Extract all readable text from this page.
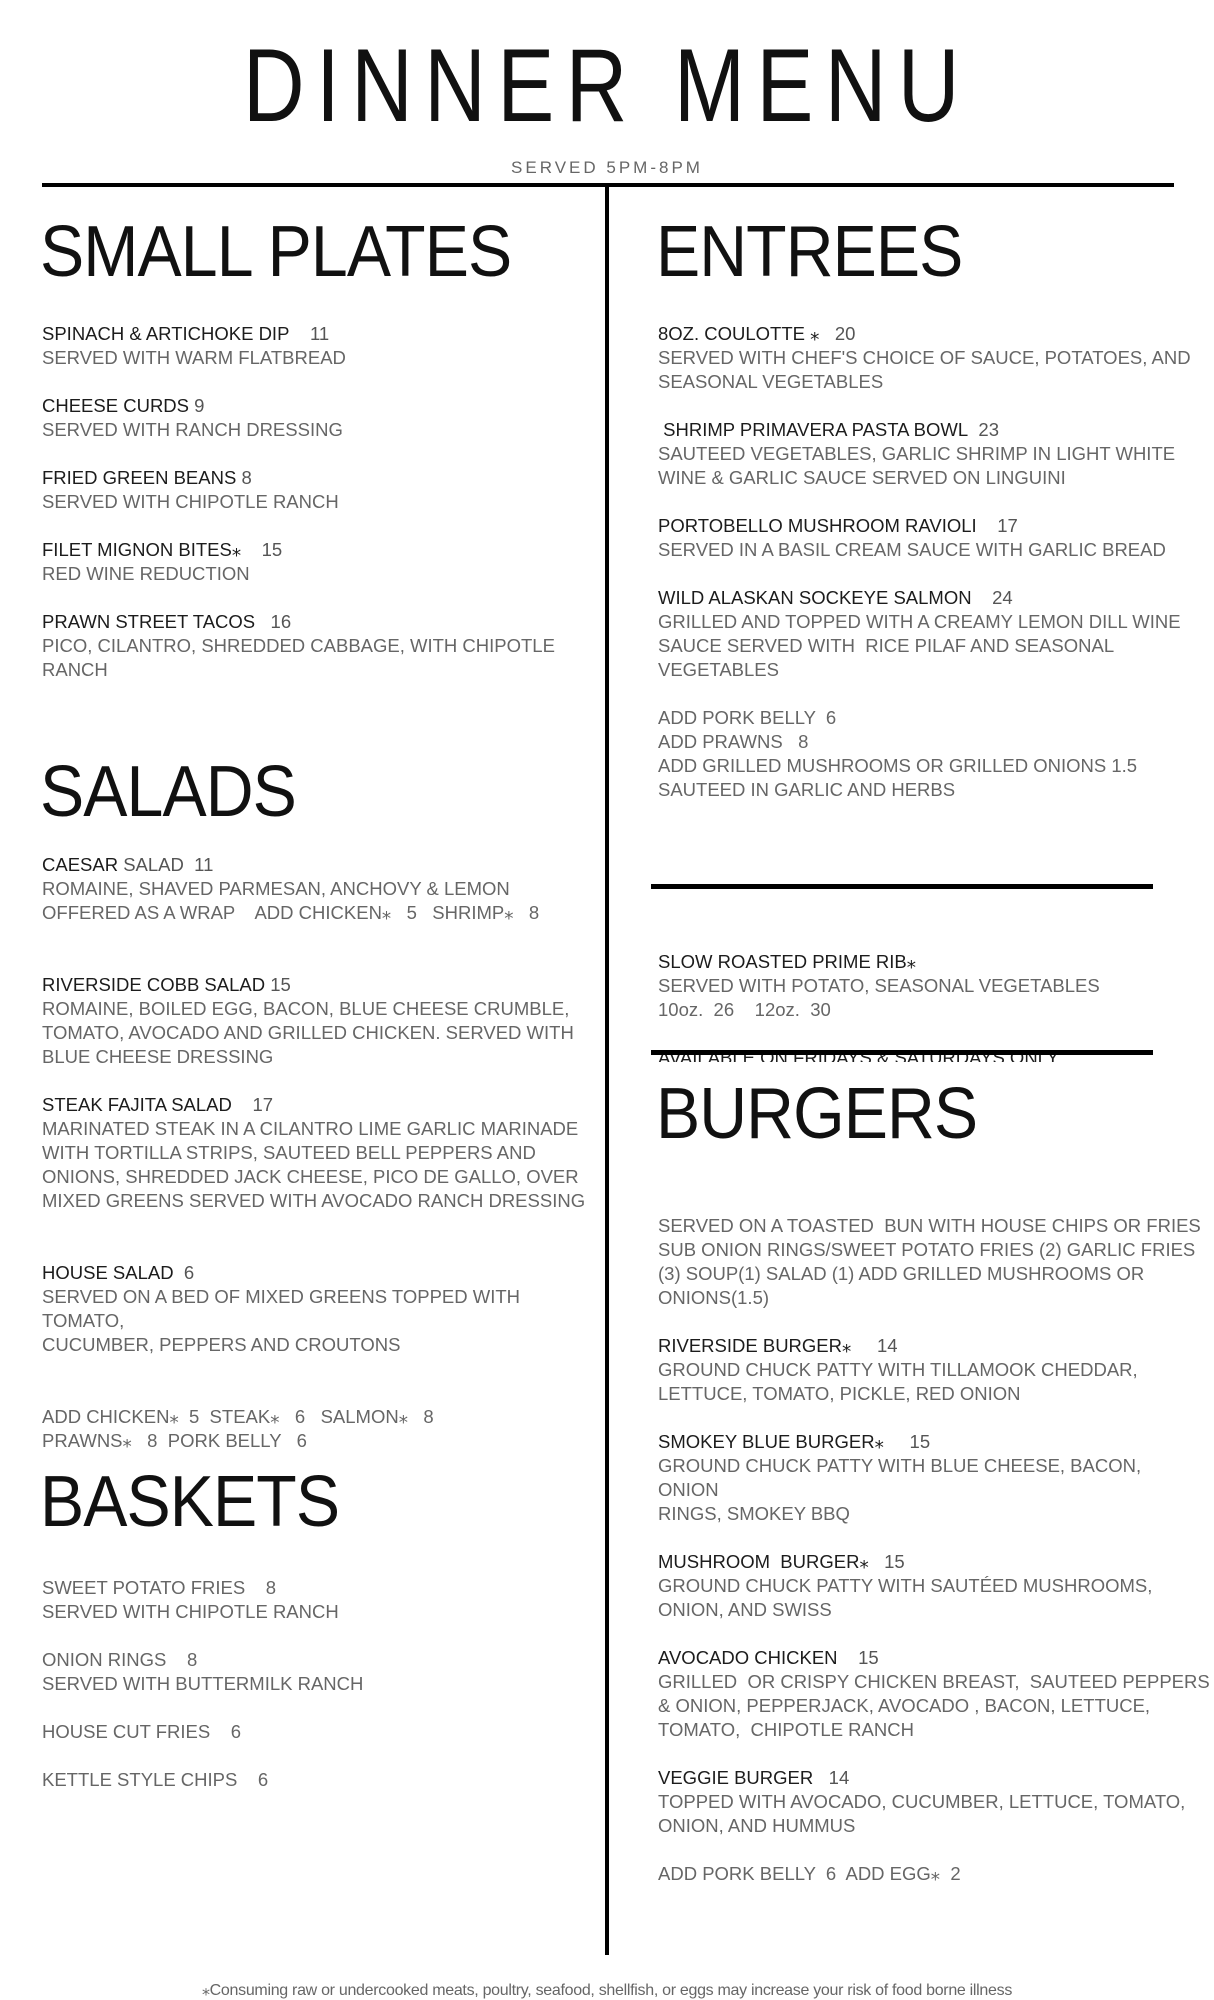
DINNER MENU
SERVED 5PM-8PM
SMALL PLATES
SPINACH & ARTICHOKE DIP 11
SERVED WITH WARM FLATBREAD
CHEESE CURDS 9
SERVED WITH RANCH DRESSING
FRIED GREEN BEANS 8
SERVED WITH CHIPOTLE RANCH
FILET MIGNON BITES⁎ 15
RED WINE REDUCTION
PRAWN STREET TACOS 16
PICO, CILANTRO, SHREDDED CABBAGE, WITH CHIPOTLE
RANCH
SALADS
CAESAR SALAD 11
ROMAINE, SHAVED PARMESAN, ANCHOVY & LEMON
OFFERED AS A WRAP    ADD CHICKEN⁎   5   SHRIMP⁎   8
RIVERSIDE COBB SALAD 15
ROMAINE, BOILED EGG, BACON, BLUE CHEESE CRUMBLE,
TOMATO, AVOCADO AND GRILLED CHICKEN. SERVED WITH
BLUE CHEESE DRESSING
STEAK FAJITA SALAD 17
MARINATED STEAK IN A CILANTRO LIME GARLIC MARINADE
WITH TORTILLA STRIPS, SAUTEED BELL PEPPERS AND
ONIONS, SHREDDED JACK CHEESE, PICO DE GALLO, OVER
MIXED GREENS SERVED WITH AVOCADO RANCH DRESSING
HOUSE SALAD 6
SERVED ON A BED OF MIXED GREENS TOPPED WITH TOMATO,
CUCUMBER, PEPPERS AND CROUTONS
ADD CHICKEN⁎  5  STEAK⁎   6   SALMON⁎   8
PRAWNS⁎   8  PORK BELLY   6
BASKETS
SWEET POTATO FRIES 8
SERVED WITH CHIPOTLE RANCH
ONION RINGS 8
SERVED WITH BUTTERMILK RANCH
HOUSE CUT FRIES 6
KETTLE STYLE CHIPS 6
ENTREES
8OZ. COULOTTE ⁎ 20
SERVED WITH CHEF'S CHOICE OF SAUCE, POTATOES, AND
SEASONAL VEGETABLES
SHRIMP PRIMAVERA PASTA BOWL 23
SAUTEED VEGETABLES, GARLIC SHRIMP IN LIGHT WHITE
WINE & GARLIC SAUCE SERVED ON LINGUINI
PORTOBELLO MUSHROOM RAVIOLI 17
SERVED IN A BASIL CREAM SAUCE WITH GARLIC BREAD
WILD ALASKAN SOCKEYE SALMON 24
GRILLED AND TOPPED WITH A CREAMY LEMON DILL WINE
SAUCE SERVED WITH  RICE PILAF AND SEASONAL
VEGETABLES
ADD PORK BELLY  6
ADD PRAWNS   8
ADD GRILLED MUSHROOMS OR GRILLED ONIONS 1.5
SAUTEED IN GARLIC AND HERBS
SLOW ROASTED PRIME RIB⁎
SERVED WITH POTATO, SEASONAL VEGETABLES
10oz.  26    12oz.  30
BURGERS
SERVED ON A TOASTED  BUN WITH HOUSE CHIPS OR FRIES
SUB ONION RINGS/SWEET POTATO FRIES (2) GARLIC FRIES
(3) SOUP(1) SALAD (1) ADD GRILLED MUSHROOMS OR
ONIONS(1.5)
RIVERSIDE BURGER⁎ 14
GROUND CHUCK PATTY WITH TILLAMOOK CHEDDAR,
LETTUCE, TOMATO, PICKLE, RED ONION
SMOKEY BLUE BURGER⁎ 15
GROUND CHUCK PATTY WITH BLUE CHEESE, BACON, ONION
RINGS, SMOKEY BBQ
MUSHROOM  BURGER⁎ 15
GROUND CHUCK PATTY WITH SAUTÉED MUSHROOMS,
ONION, AND SWISS
AVOCADO CHICKEN 15
GRILLED  OR CRISPY CHICKEN BREAST,  SAUTEED PEPPERS
& ONION, PEPPERJACK, AVOCADO , BACON, LETTUCE,
TOMATO,  CHIPOTLE RANCH
VEGGIE BURGER 14
TOPPED WITH AVOCADO, CUCUMBER, LETTUCE, TOMATO,
ONION, AND HUMMUS
ADD PORK BELLY  6  ADD EGG⁎  2
⁎Consuming raw or undercooked meats, poultry, seafood, shellfish, or eggs may increase your risk of food borne illness
